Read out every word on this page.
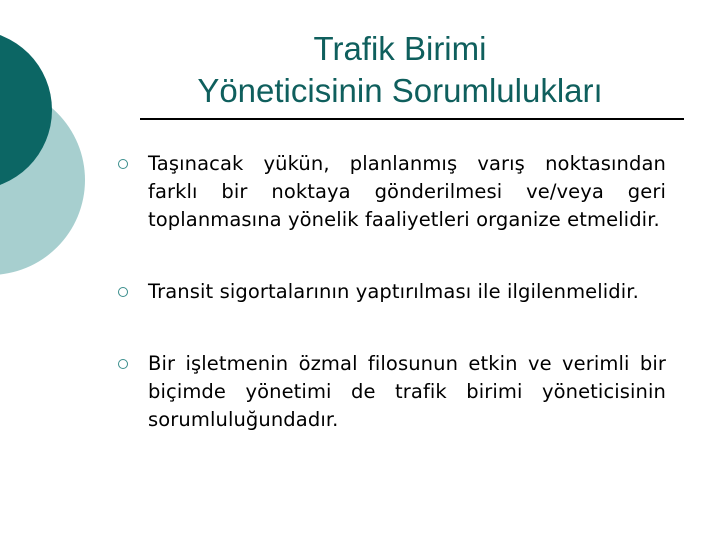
Trafik Birimi
Yöneticisinin Sorumlulukları
Taşınacak yükün, planlanmış varış noktasından farklı bir noktaya gönderilmesi ve/veya geri toplanmasına yönelik faaliyetleri organize etmelidir.
Transit sigortalarının yaptırılması ile ilgilenmelidir.
Bir işletmenin özmal filosunun etkin ve verimli bir biçimde yönetimi de trafik birimi yöneticisinin sorumluluğundadır.
